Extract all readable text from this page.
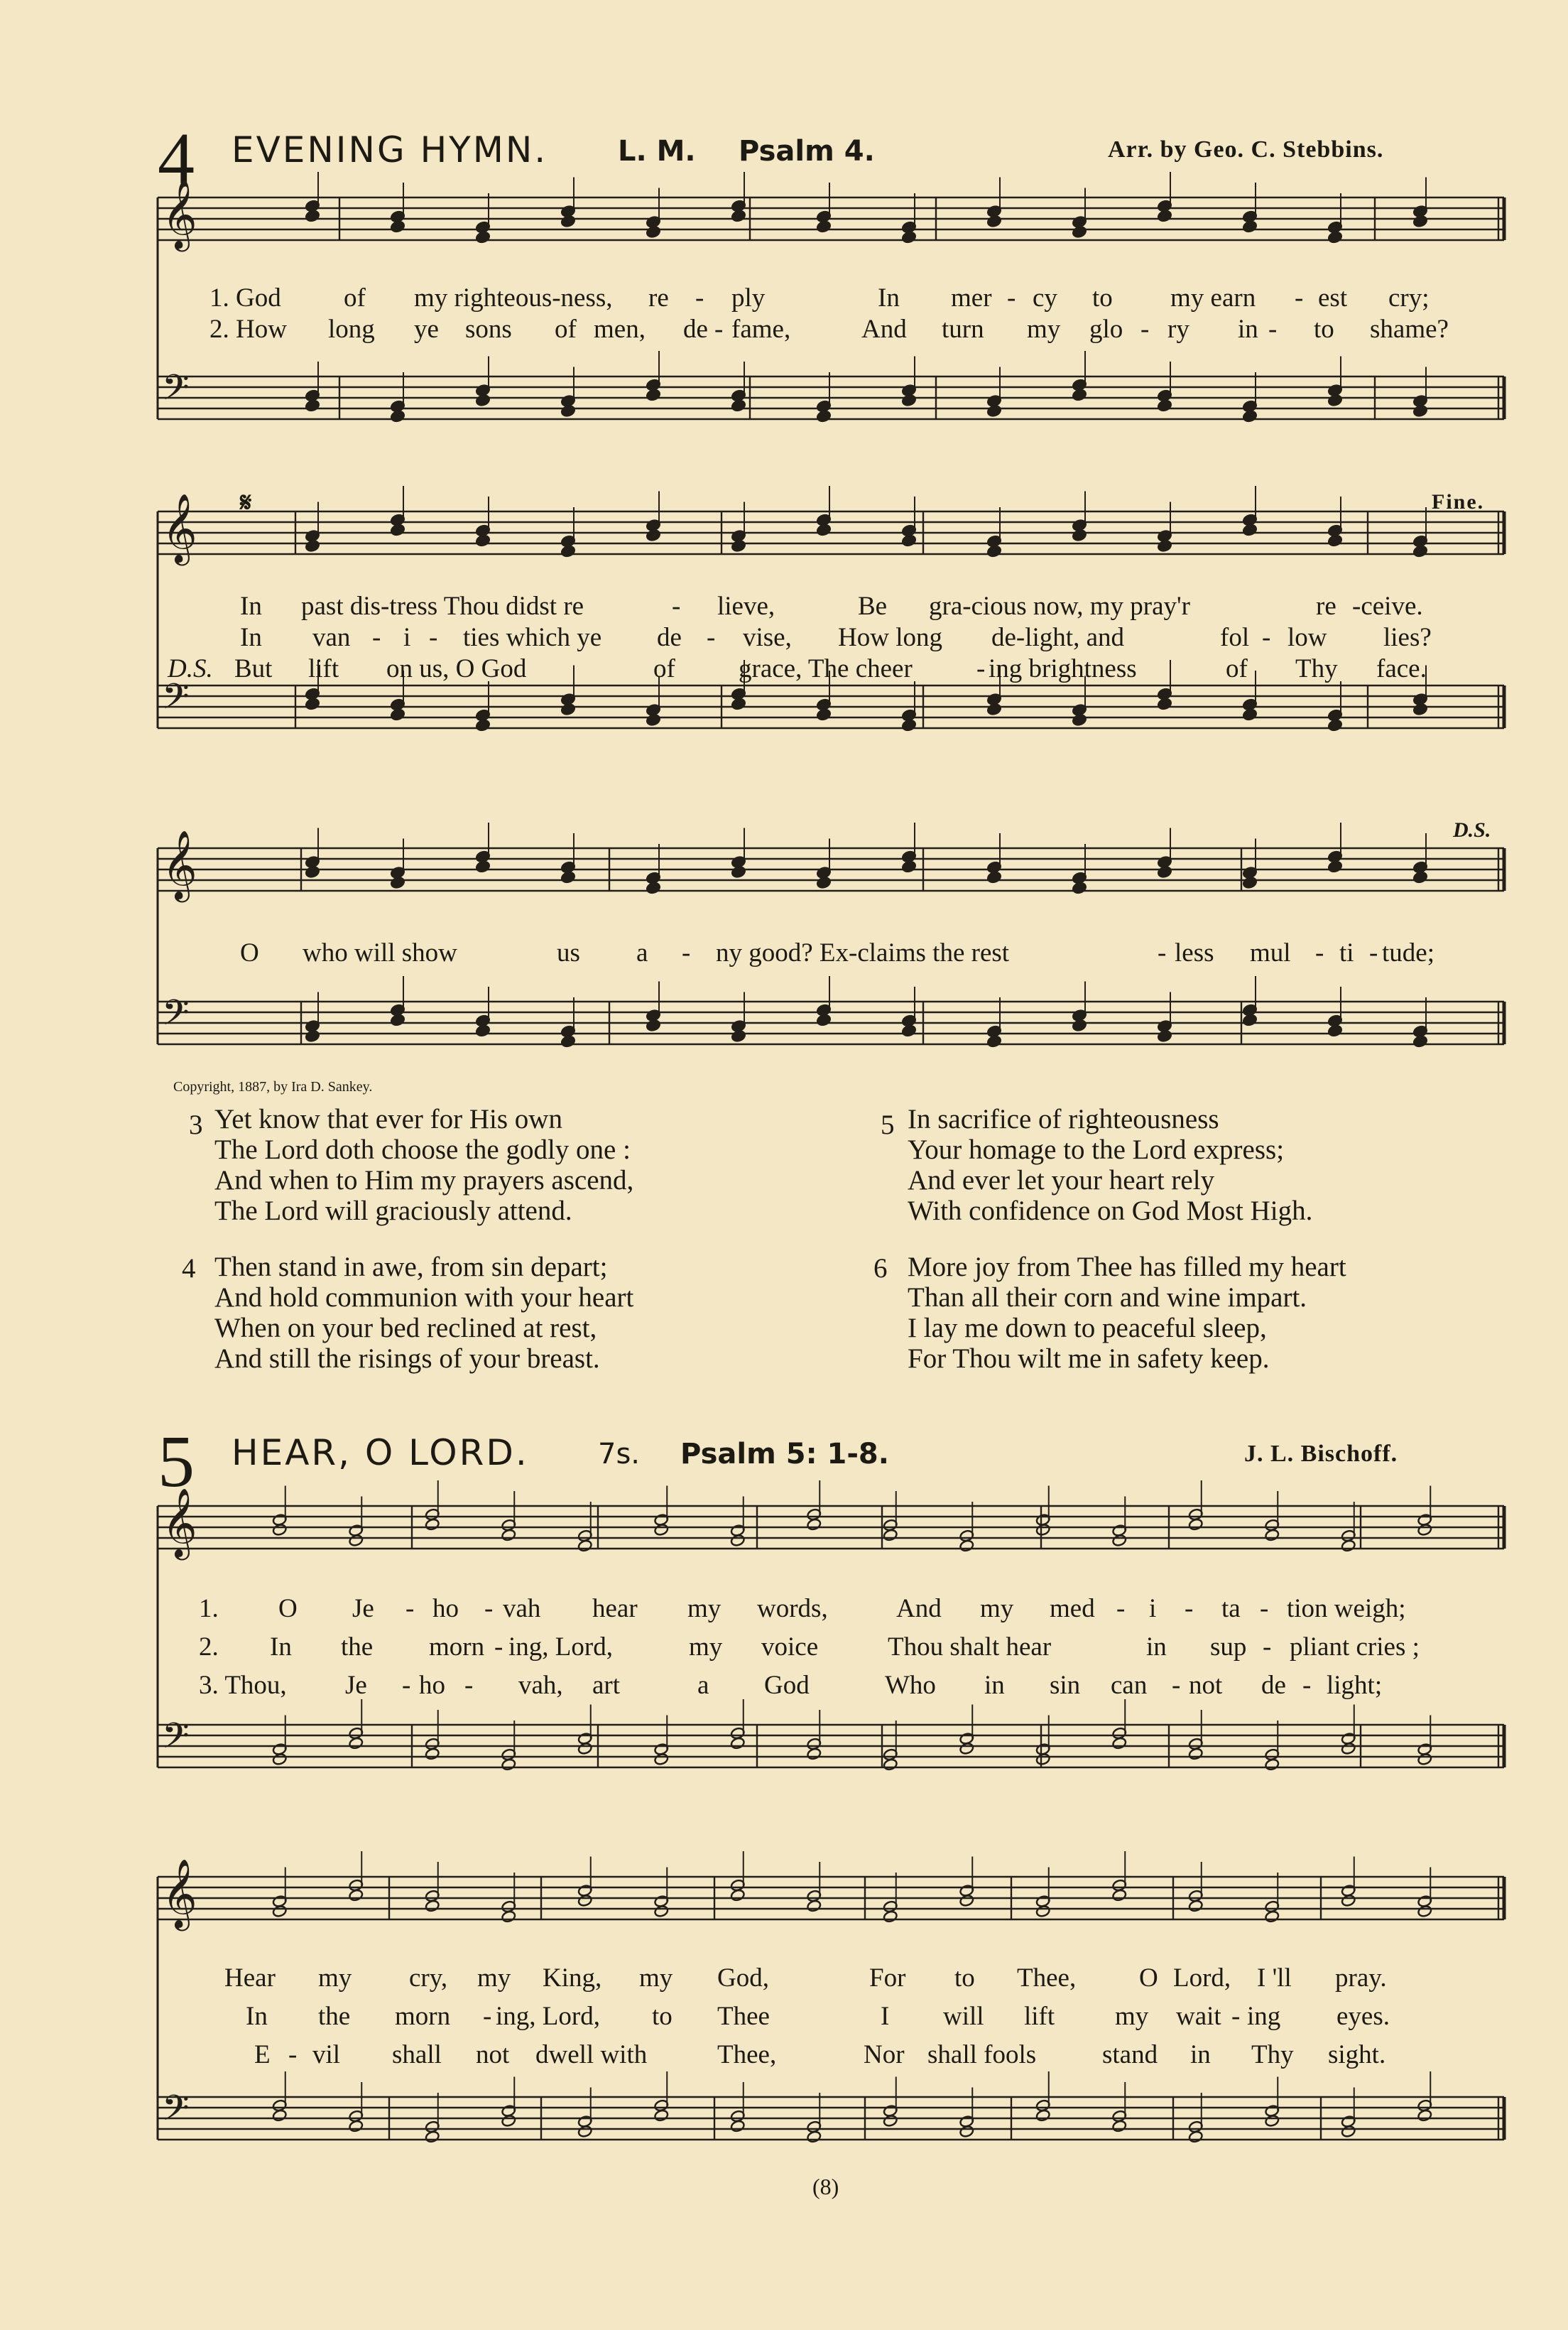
4 EVENING HYMN. L. M. Psalm 4.	Arr. by Geo. C. Stebbins.
𝄞
𝄢
𝄞
𝄢
𝄞
𝄢
𝄞
𝄢
𝄞
𝄢
1. God of my righteous-ness, re - ply	In mer - cy to my earn - est cry;
2. How long ye sons of men, de - fame,	And turn my glo - ry in - to shame?
𝄋	Fine.
In past dis-tress Thou didst re	- lieve,	Be gra-cious now, my pray'r	re -ceive.
In van - i - ties which ye de - vise, How long de-light, and	fol - low lies?
D.S. But lift on us, O God	of grace, The cheer - ing brightness	of Thy face.
D.S.
O who will show	us a - ny good? Ex-claims the rest	- less mul - ti - tude;
Copyright, 1887, by Ira D. Sankey.
3 Yet know that ever for His own
The Lord doth choose the godly one :
And when to Him my prayers ascend,
The Lord will graciously attend.
4 Then stand in awe, from sin depart;
And hold communion with your heart
When on your bed reclined at rest,
And still the risings of your breast.
5 In sacrifice of righteousness
Your homage to the Lord express;
And ever let your heart rely
With confidence on God Most High.
6 More joy from Thee has filled my heart
Than all their corn and wine impart.
I lay me down to peaceful sleep,
For Thou wilt me in safety keep.
5 HEAR, O LORD. 7s. Psalm 5: 1-8.	J. L. Bischoff.
1. O Je - ho - vah hear my words,	And my med - i - ta - tion weigh;
2. In the morn - ing, Lord,	my voice	Thou shalt hear	in sup - pliant cries ;
3. Thou, Je - ho - vah, art	a God	Who in sin can - not de - light;
Hear my cry, my King, my God,	For to Thee, O Lord, I 'll pray.
In the morn - ing, Lord, to Thee	I will lift my wait - ing eyes.
E - vil shall not dwell with	Thee,	Nor shall fools	stand in Thy sight.
(8)
